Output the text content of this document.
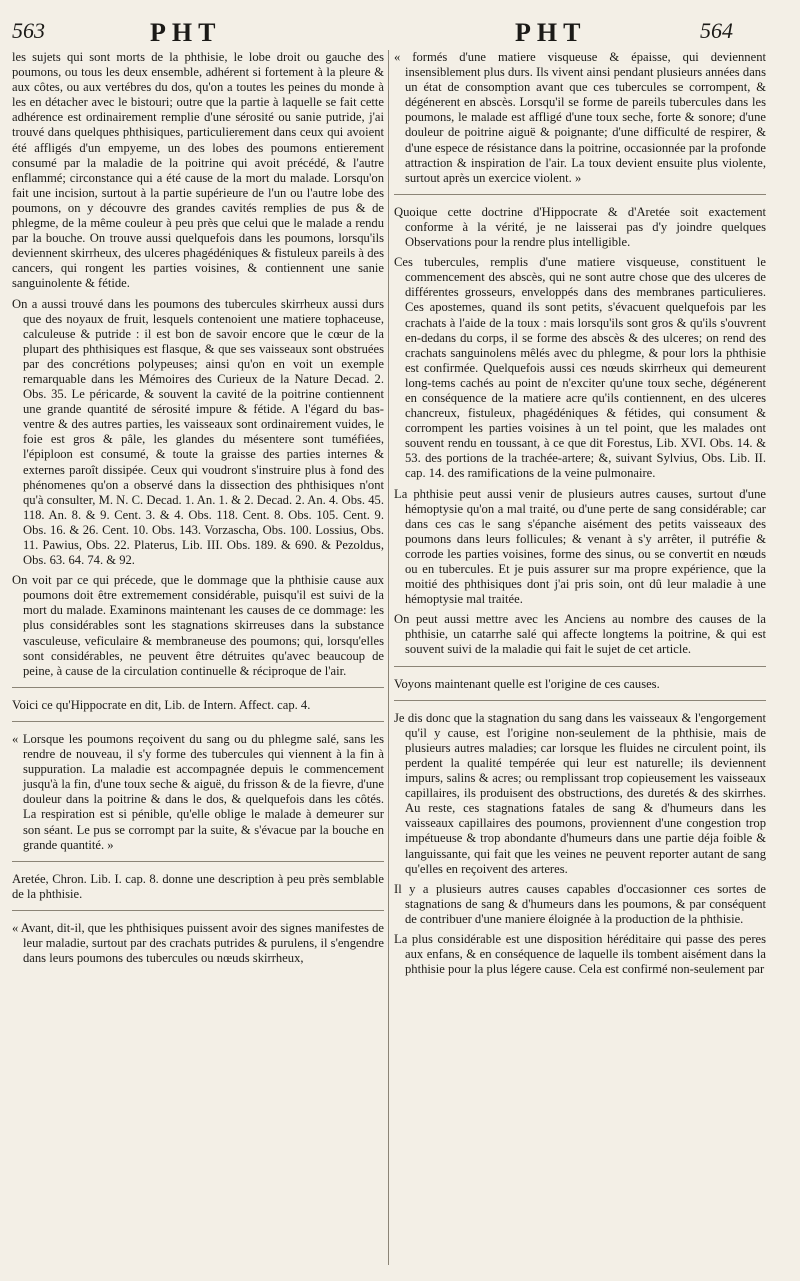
563	PHT	PHT	564

les sujets qui sont morts de la phthisie, le lobe droit ou gauche des poumons, ou tous les deux ensemble, adhérent si fortement à la pleure & aux côtes, ou aux vertébres du dos, qu'on a toutes les peines du monde à les en détacher avec le bistouri; outre que la partie à laquelle se fait cette adhérence est ordinairement remplie d'une sérosité ou sanie putride, j'ai trouvé dans quelques phthisiques, particulierement dans ceux qui avoient été affligés d'un empyeme, un des lobes des poumons entierement consumé par la maladie de la poitrine qui avoit précédé, & l'autre enflammé; circonstance qui a été cause de la mort du malade. Lorsqu'on fait une incision, surtout à la partie supérieure de l'un ou l'autre lobe des poumons, on y découvre des grandes cavités remplies de pus & de phlegme, de la même couleur à peu près que celui que le malade a rendu par la bouche. On trouve aussi quelquefois dans les poumons, lorsqu'ils deviennent skirrheux, des ulceres phagédéniques & fistuleux pareils à des cancers, qui rongent les parties voisines, & contiennent une sanie sanguinolente & fétide.

On a aussi trouvé dans les poumons des tubercules skirrheux aussi durs que des noyaux de fruit, lesquels contenoient une matiere tophaceuse, calculeuse & putride : il est bon de savoir encore que le cœur de la plupart des phthisiques est flasque, & que ses vaisseaux sont obstruées par des concrétions polypeuses; ainsi qu'on en voit un exemple remarquable dans les Mémoires des Curieux de la Nature Decad. 2. Obs. 35. Le péricarde, & souvent la cavité de la poitrine contiennent une grande quantité de sérosité impure & fétide. A l'égard du bas-ventre & des autres parties, les vaisseaux sont ordinairement vuides, le foie est gros & pâle, les glandes du mésentere sont tuméfiées, l'épiploon est consumé, & toute la graisse des parties internes & externes paroît dissipée. Ceux qui voudront s'instruire plus à fond des phénomenes qu'on a observé dans la dissection des phthisiques n'ont qu'à consulter, M. N. C. Decad. 1. An. 1. & 2. Decad. 2. An. 4. Obs. 45. 118. An. 8. & 9. Cent. 3. & 4. Obs. 118. Cent. 8. Obs. 105. Cent. 9. Obs. 16. & 26. Cent. 10. Obs. 143. Vorzascha, Obs. 100. Lossius, Obs. 11. Pawius, Obs. 22. Platerus, Lib. III. Obs. 189. & 690. & Pezoldus, Obs. 63. 64. 74. & 92.

On voit par ce qui précede, que le dommage que la phthisie cause aux poumons doit être extremement considérable, puisqu'il est suivi de la mort du malade. Examinons maintenant les causes de ce dommage: les plus considérables sont les stagnations skirreuses dans la substance vasculeuse, veficulaire & membraneuse des poumons; qui, lorsqu'elles sont considérables, ne peuvent être détruites qu'avec beaucoup de peine, à cause de la circulation continuelle & réciproque de l'air.

Voici ce qu'Hippocrate en dit, Lib. de Intern. Affect. cap. 4.

« Lorsque les poumons reçoivent du sang ou du phlegme salé, sans les rendre de nouveau, il s'y forme des tubercules qui viennent à la fin à suppuration. La maladie est accompagnée depuis le commencement jusqu'à la fin, d'une toux seche & aiguë, du frisson & de la fievre, d'une douleur dans la poitrine & dans le dos, & quelquefois dans les côtés. La respiration est si pénible, qu'elle oblige le malade à demeurer sur son séant. Le pus se corrompt par la suite, & s'évacue par la bouche en grande quantité. »

Aretée, Chron. Lib. I. cap. 8. donne une description à peu près semblable de la phthisie.

« Avant, dit-il, que les phthisiques puissent avoir des signes manifestes de leur maladie, surtout par des crachats putrides & purulens, il s'engendre dans leurs poumons des tubercules ou nœuds skirrheux,

« formés d'une matiere visqueuse & épaisse, qui deviennent insensiblement plus durs. Ils vivent ainsi pendant plusieurs années dans un état de consomption avant que ces tubercules se corrompent, & dégénerent en abscès. Lorsqu'il se forme de pareils tubercules dans les poumons, le malade est affligé d'une toux seche, forte & sonore; d'une douleur de poitrine aiguë & poignante; d'une difficulté de respirer, & d'une espece de résistance dans la poitrine, occasionnée par la profonde attraction & inspiration de l'air. La toux devient ensuite plus violente, surtout après un exercice violent. »

Quoique cette doctrine d'Hippocrate & d'Aretée soit exactement conforme à la vérité, je ne laisserai pas d'y joindre quelques Observations pour la rendre plus intelligible.

Ces tubercules, remplis d'une matiere visqueuse, constituent le commencement des abscès, qui ne sont autre chose que des ulceres de différentes grosseurs, enveloppés dans des membranes particulieres. Ces apostemes, quand ils sont petits, s'évacuent quelquefois par les crachats à l'aide de la toux : mais lorsqu'ils sont gros & qu'ils s'ouvrent en-dedans du corps, il se forme des abscès & des ulceres; on rend des crachats sanguinolens mêlés avec du phlegme, & pour lors la phthisie est confirmée. Quelquefois aussi ces nœuds skirrheux qui demeurent long-tems cachés au point de n'exciter qu'une toux seche, dégénerent en conséquence de la matiere acre qu'ils contiennent, en des ulceres chancreux, fistuleux, phagédéniques & fétides, qui consument & corrompent les parties voisines à un tel point, que les malades ont souvent rendu en toussant, à ce que dit Forestus, Lib. XVI. Obs. 14. & 53. des portions de la trachée-artere; &, suivant Sylvius, Obs. Lib. II. cap. 14. des ramifications de la veine pulmonaire.

La phthisie peut aussi venir de plusieurs autres causes, surtout d'une hémoptysie qu'on a mal traité, ou d'une perte de sang considérable; car dans ces cas le sang s'épanche aisément des petits vaisseaux des poumons dans leurs follicules; & venant à s'y arrêter, il putréfie & corrode les parties voisines, forme des sinus, ou se convertit en nœuds ou en tubercules. Et je puis assurer sur ma propre expérience, que la moitié des phthisiques dont j'ai pris soin, ont dû leur maladie à une hémoptysie mal traitée.

On peut aussi mettre avec les Anciens au nombre des causes de la phthisie, un catarrhe salé qui affecte longtems la poitrine, & qui est souvent suivi de la maladie qui fait le sujet de cet article.

Voyons maintenant quelle est l'origine de ces causes.

Je dis donc que la stagnation du sang dans les vaisseaux & l'engorgement qu'il y cause, est l'origine non-seulement de la phthisie, mais de plusieurs autres maladies; car lorsque les fluides ne circulent point, ils perdent la qualité tempérée qui leur est naturelle; ils deviennent impurs, salins & acres; ou remplissant trop copieusement les vaisseaux capillaires, ils produisent des obstructions, des duretés & des skirrhes. Au reste, ces stagnations fatales de sang & d'humeurs dans les vaisseaux capillaires des poumons, proviennent d'une congestion trop impétueuse & trop abondante d'humeurs dans une partie déja foible & languissante, qui fait que les veines ne peuvent reporter autant de sang qu'elles en reçoivent des arteres.

Il y a plusieurs autres causes capables d'occasionner ces sortes de stagnations de sang & d'humeurs dans les poumons, & par conséquent de contribuer d'une maniere éloignée à la production de la phthisie.

La plus considérable est une disposition héréditaire qui passe des peres aux enfans, & en conséquence de laquelle ils tombent aisément dans la phthisie pour la plus légere cause. Cela est confirmé non-seulement par
